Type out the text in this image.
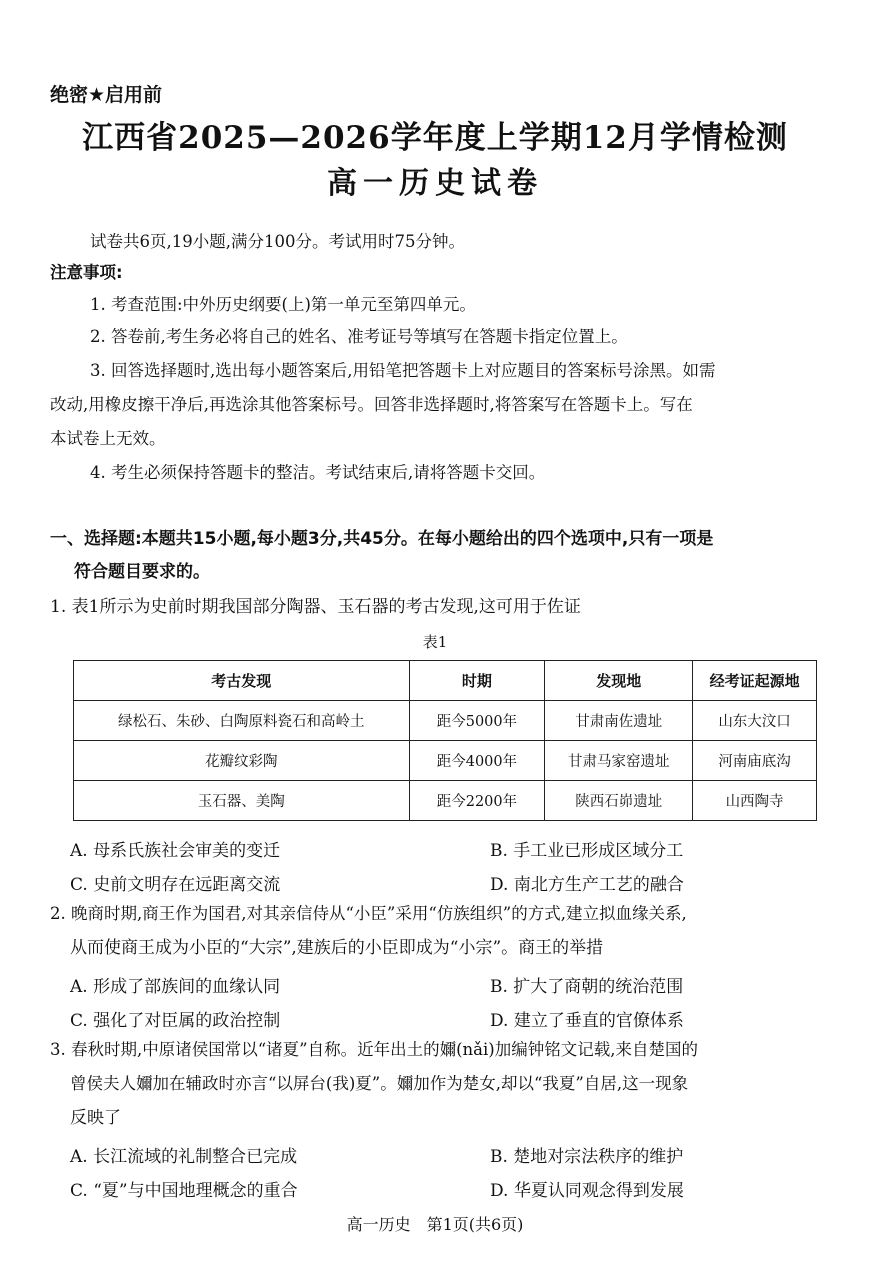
绝密★启用前
江西省2025—2026学年度上学期12月学情检测
高一历史试卷
试卷共6页,19小题,满分100分。考试用时75分钟。
注意事项:
1. 考查范围:中外历史纲要(上)第一单元至第四单元。
2. 答卷前,考生务必将自己的姓名、准考证号等填写在答题卡指定位置上。
3. 回答选择题时,选出每小题答案后,用铅笔把答题卡上对应题目的答案标号涂黑。如需
改动,用橡皮擦干净后,再选涂其他答案标号。回答非选择题时,将答案写在答题卡上。写在
本试卷上无效。
4. 考生必须保持答题卡的整洁。考试结束后,请将答题卡交回。
一、选择题:本题共15小题,每小题3分,共45分。在每小题给出的四个选项中,只有一项是
符合题目要求的。
1. 表1所示为史前时期我国部分陶器、玉石器的考古发现,这可用于佐证
表1
考古发现	时期	发现地	经考证起源地
绿松石、朱砂、白陶原料瓷石和高岭土	距今5000年	甘肃南佐遗址	山东大汶口
花瓣纹彩陶	距今4000年	甘肃马家窑遗址	河南庙底沟
玉石器、美陶	距今2200年	陕西石峁遗址	山西陶寺
A. 母系氏族社会审美的变迁	B. 手工业已形成区域分工
C. 史前文明存在远距离交流	D. 南北方生产工艺的融合
2. 晚商时期,商王作为国君,对其亲信侍从“小臣”采用“仿族组织”的方式,建立拟血缘关系,
从而使商王成为小臣的“大宗”,建族后的小臣即成为“小宗”。商王的举措
A. 形成了部族间的血缘认同	B. 扩大了商朝的统治范围
C. 强化了对臣属的政治控制	D. 建立了垂直的官僚体系
3. 春秋时期,中原诸侯国常以“诸夏”自称。近年出土的嬭(nǎi)加编钟铭文记载,来自楚国的
曾侯夫人嬭加在辅政时亦言“以屏台(我)夏”。嬭加作为楚女,却以“我夏”自居,这一现象
反映了
A. 长江流域的礼制整合已完成	B. 楚地对宗法秩序的维护
C. “夏”与中国地理概念的重合	D. 华夏认同观念得到发展
高一历史　第1页(共6页)
